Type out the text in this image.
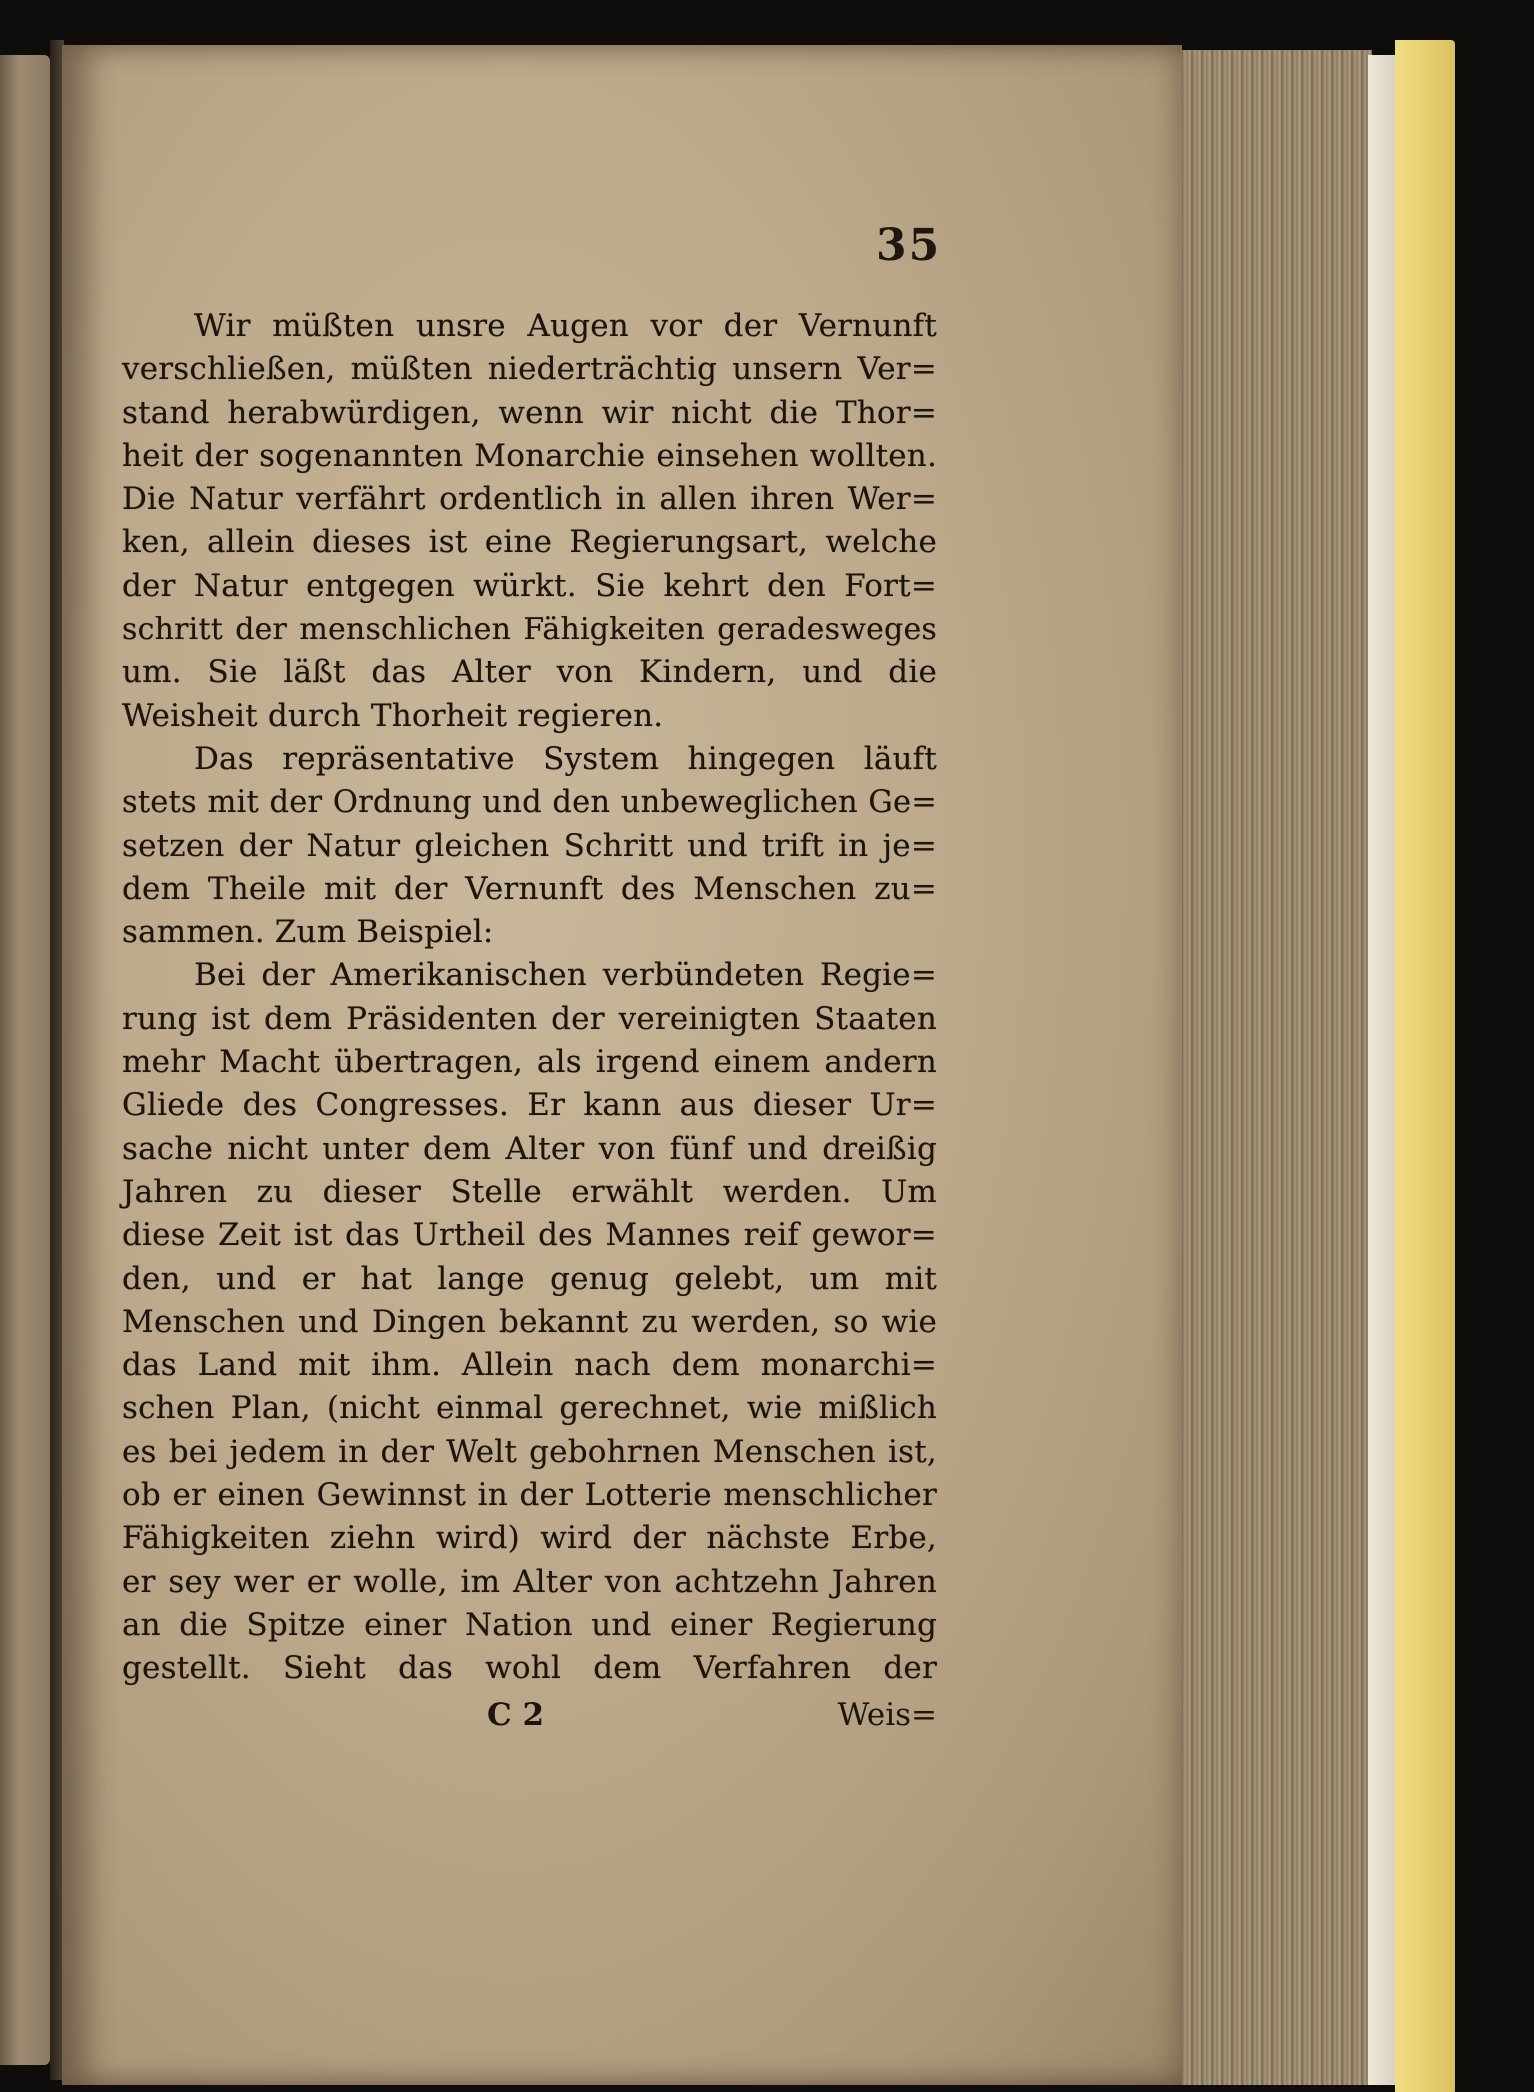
35
Wir müßten unsre Augen vor der Vernunft
verschließen, müßten niederträchtig unsern Ver=
stand herabwürdigen, wenn wir nicht die Thor=
heit der sogenannten Monarchie einsehen wollten.
Die Natur verfährt ordentlich in allen ihren Wer=
ken, allein dieses ist eine Regierungsart, welche
der Natur entgegen würkt. Sie kehrt den Fort=
schritt der menschlichen Fähigkeiten geradesweges
um. Sie läßt das Alter von Kindern, und die
Weisheit durch Thorheit regieren.
Das repräsentative System hingegen läuft
stets mit der Ordnung und den unbeweglichen Ge=
setzen der Natur gleichen Schritt und trift in je=
dem Theile mit der Vernunft des Menschen zu=
sammen. Zum Beispiel:
Bei der Amerikanischen verbündeten Regie=
rung ist dem Präsidenten der vereinigten Staaten
mehr Macht übertragen, als irgend einem andern
Gliede des Congresses. Er kann aus dieser Ur=
sache nicht unter dem Alter von fünf und dreißig
Jahren zu dieser Stelle erwählt werden. Um
diese Zeit ist das Urtheil des Mannes reif gewor=
den, und er hat lange genug gelebt, um mit
Menschen und Dingen bekannt zu werden, so wie
das Land mit ihm. Allein nach dem monarchi=
schen Plan, (nicht einmal gerechnet, wie mißlich
es bei jedem in der Welt gebohrnen Menschen ist,
ob er einen Gewinnst in der Lotterie menschlicher
Fähigkeiten ziehn wird) wird der nächste Erbe,
er sey wer er wolle, im Alter von achtzehn Jahren
an die Spitze einer Nation und einer Regierung
gestellt. Sieht das wohl dem Verfahren der
C 2	Weis=
